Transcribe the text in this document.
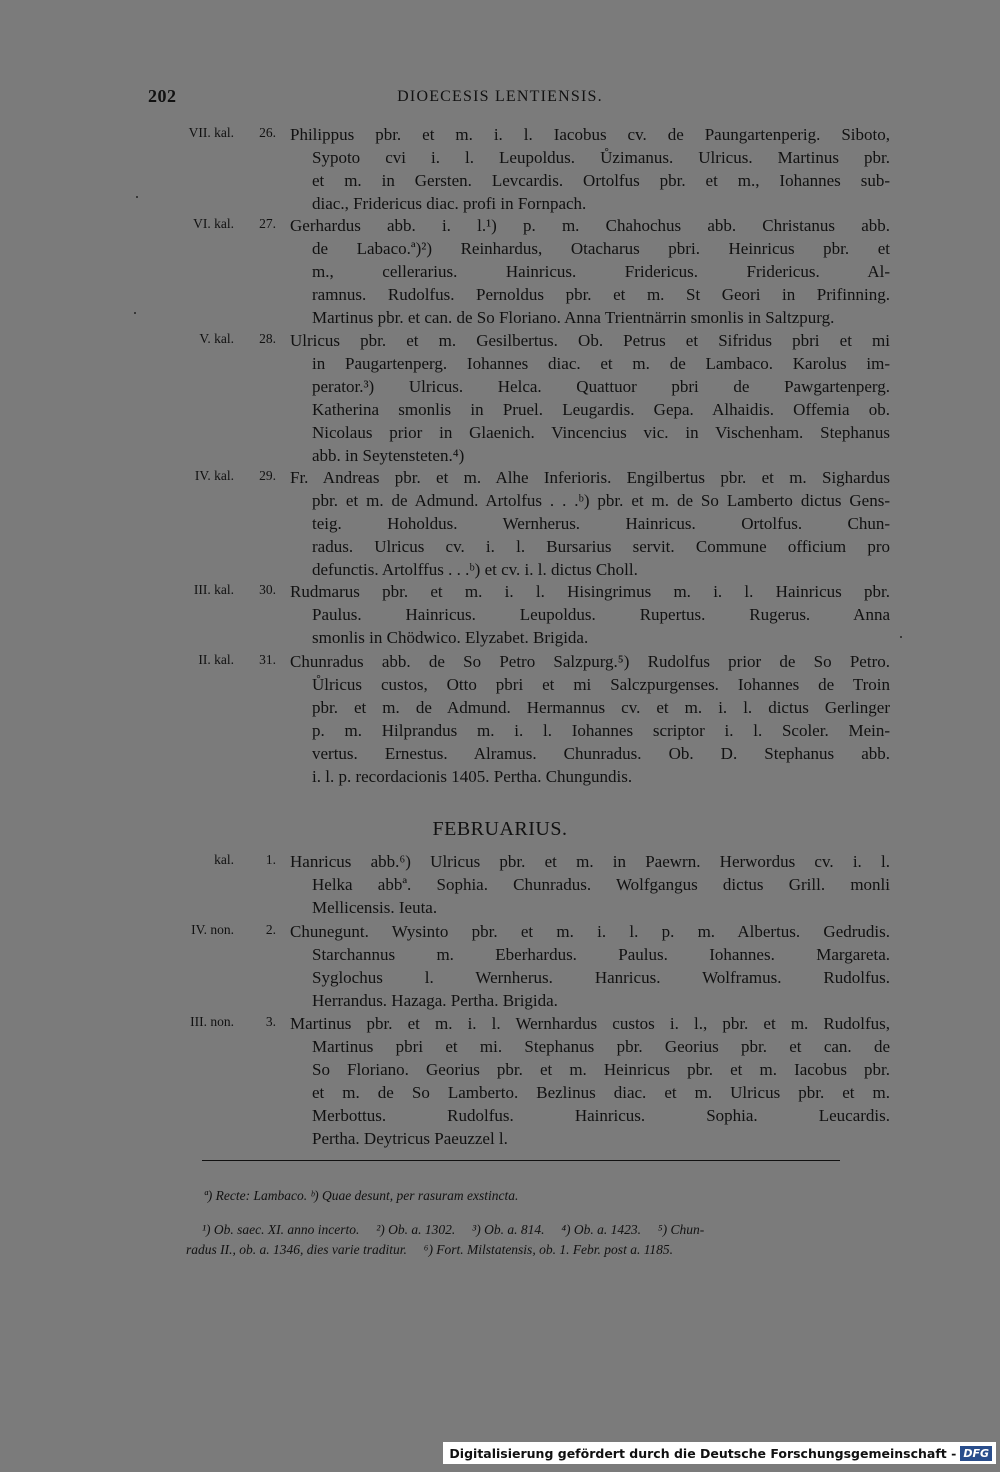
202	DIOECESIS LENTIENSIS.
VII. kal.	26. Philippus pbr. et m. i. l. Iacobus cv. de Paungartenperig. Siboto,
Sypoto cvi i. l. Leupoldus. Ůzimanus. Ulricus. Martinus pbr.
et m. in Gersten. Levcardis. Ortolfus pbr. et m., Iohannes sub-
diac., Fridericus diac. profi in Fornpach.
VI. kal.	27. Gerhardus abb. i. l.¹) p. m. Chahochus abb. Christanus abb.
de Labaco.ª)²) Reinhardus, Otacharus pbri. Heinricus pbr. et
m., cellerarius. Hainricus. Fridericus. Fridericus. Al-
ramnus. Rudolfus. Pernoldus pbr. et m. St Geori in Prifinning.
Martinus pbr. et can. de So Floriano. Anna Trientnärrin smonlis in Saltzpurg.
V. kal.	28. Ulricus pbr. et m. Gesilbertus. Ob. Petrus et Sifridus pbri et mi
in Paugartenperg. Iohannes diac. et m. de Lambaco. Karolus im-
perator.³) Ulricus. Helca. Quattuor pbri de Pawgartenperg.
Katherina smonlis in Pruel. Leugardis. Gepa. Alhaidis. Offemia ob.
Nicolaus prior in Glaenich. Vincencius vic. in Vischenham. Stephanus
abb. in Seytensteten.⁴)
IV. kal.	29. Fr. Andreas pbr. et m. Alhe Inferioris. Engilbertus pbr. et m. Sighardus
pbr. et m. de Admund. Artolfus . . .ᵇ) pbr. et m. de So Lamberto dictus Gens-
teig. Hoholdus. Wernherus. Hainricus. Ortolfus. Chun-
radus. Ulricus cv. i. l. Bursarius servit. Commune officium pro
defunctis. Artolffus . . .ᵇ) et cv. i. l. dictus Choll.
III. kal.	30. Rudmarus pbr. et m. i. l. Hisingrimus m. i. l. Hainricus pbr.
Paulus. Hainricus. Leupoldus. Rupertus. Rugerus. Anna
smonlis in Chödwico. Elyzabet. Brigida.
II. kal.	31. Chunradus abb. de So Petro Salzpurg.⁵) Rudolfus prior de So Petro.
Ůlricus custos, Otto pbri et mi Salczpurgenses. Iohannes de Troin
pbr. et m. de Admund. Hermannus cv. et m. i. l. dictus Gerlinger
p. m. Hilprandus m. i. l. Iohannes scriptor i. l. Scoler. Mein-
vertus. Ernestus. Alramus. Chunradus. Ob. D. Stephanus abb.
i. l. p. recordacionis 1405. Pertha. Chungundis.
FEBRUARIUS.
kal.	1. Hanricus abb.⁶) Ulricus pbr. et m. in Paewrn. Herwordus cv. i. l.
Helka abbª. Sophia. Chunradus. Wolfgangus dictus Grill. monli
Mellicensis. Ieuta.
IV. non.	2. Chunegunt. Wysinto pbr. et m. i. l. p. m. Albertus. Gedrudis.
Starchannus m. Eberhardus. Paulus. Iohannes. Margareta.
Syglochus l. Wernherus. Hanricus. Wolframus. Rudolfus.
Herrandus. Hazaga. Pertha. Brigida.
III. non.	3. Martinus pbr. et m. i. l. Wernhardus custos i. l., pbr. et m. Rudolfus,
Martinus pbri et mi. Stephanus pbr. Georius pbr. et can. de
So Floriano. Georius pbr. et m. Heinricus pbr. et m. Iacobus pbr.
et m. de So Lamberto. Bezlinus diac. et m. Ulricus pbr. et m.
Merbottus. Rudolfus. Hainricus. Sophia. Leucardis.
Pertha. Deytricus Paeuzzel l.
ª) Recte: Lambaco. ᵇ) Quae desunt, per rasuram exstincta.
¹) Ob. saec. XI. anno incerto.     ²) Ob. a. 1302.     ³) Ob. a. 814.     ⁴) Ob. a. 1423.     ⁵) Chun-
radus II., ob. a. 1346, dies varie traditur.     ⁶) Fort. Milstatensis, ob. 1. Febr. post a. 1185.
Digitalisierung gefördert durch die Deutsche Forschungsgemeinschaft - DFG
